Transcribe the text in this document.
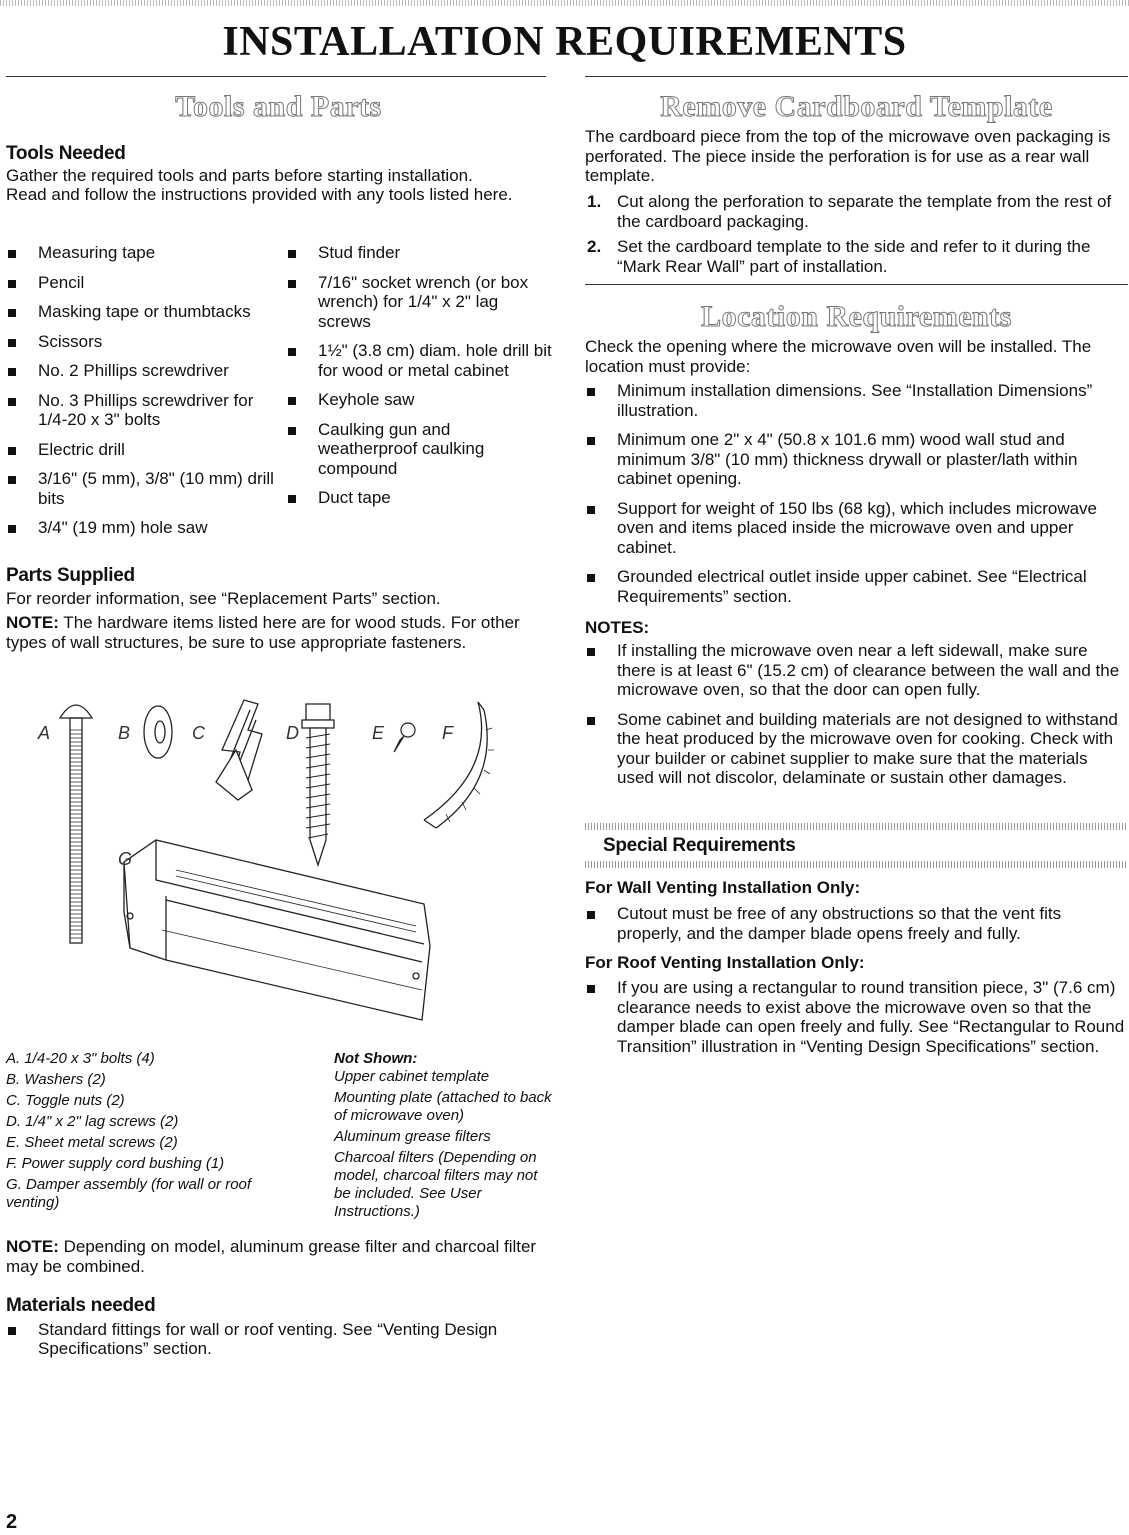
INSTALLATION REQUIREMENTS
Tools and Parts

Tools Needed

Gather the required tools and parts before starting installation. Read and follow the instructions provided with any tools listed here.

Measuring tape
Pencil
Masking tape or thumbtacks
Scissors
No. 2 Phillips screwdriver
No. 3 Phillips screwdriver for 1/4-20 x 3" bolts
Electric drill
3/16" (5 mm), 3/8" (10 mm) drill bits
3/4" (19 mm) hole saw
Stud finder
7/16" socket wrench (or box wrench) for 1/4" x 2" lag screws
1½" (3.8 cm) diam. hole drill bit for wood or metal cabinet
Keyhole saw
Caulking gun and weatherproof caulking compound
Duct tape

Parts Supplied

For reorder information, see “Replacement Parts” section.

NOTE: The hardware items listed here are for wood studs. For other types of wall structures, be sure to use appropriate fasteners.

A	B	C	D	E	F
G
A. 1/4-20 x 3" bolts (4)
B. Washers (2)
C. Toggle nuts (2)
D. 1/4" x 2" lag screws (2)
E. Sheet metal screws (2)
F. Power supply cord bushing (1)
G. Damper assembly (for wall or roof venting)

Not Shown:

Upper cabinet template
Mounting plate (attached to back of microwave oven)
Aluminum grease filters
Charcoal filters (Depending on model, charcoal filters may not be included. See User Instructions.)

NOTE: Depending on model, aluminum grease filter and charcoal filter may be combined.

Materials needed

Standard fittings for wall or roof venting. See “Venting Design Specifications” section.
2
Remove Cardboard Template

The cardboard piece from the top of the microwave oven packaging is perforated. The piece inside the perforation is for use as a rear wall template.

1. Cut along the perforation to separate the template from the rest of the cardboard packaging.
2. Set the cardboard template to the side and refer to it during the “Mark Rear Wall” part of installation.
Location Requirements

Check the opening where the microwave oven will be installed. The location must provide:

Minimum installation dimensions. See “Installation Dimensions” illustration.
Minimum one 2" x 4" (50.8 x 101.6 mm) wood wall stud and minimum 3/8" (10 mm) thickness drywall or plaster/lath within cabinet opening.
Support for weight of 150 lbs (68 kg), which includes microwave oven and items placed inside the microwave oven and upper cabinet.
Grounded electrical outlet inside upper cabinet. See “Electrical Requirements” section.

NOTES:

If installing the microwave oven near a left sidewall, make sure there is at least 6" (15.2 cm) of clearance between the wall and the microwave oven, so that the door can open fully.
Some cabinet and building materials are not designed to withstand the heat produced by the microwave oven for cooking. Check with your builder or cabinet supplier to make sure that the materials used will not discolor, delaminate or sustain other damages.

Special Requirements

For Wall Venting Installation Only:

Cutout must be free of any obstructions so that the vent fits properly, and the damper blade opens freely and fully.

For Roof Venting Installation Only:

If you are using a rectangular to round transition piece, 3" (7.6 cm) clearance needs to exist above the microwave oven so that the damper blade can open freely and fully. See “Rectangular to Round Transition” illustration in “Venting Design Specifications” section.
